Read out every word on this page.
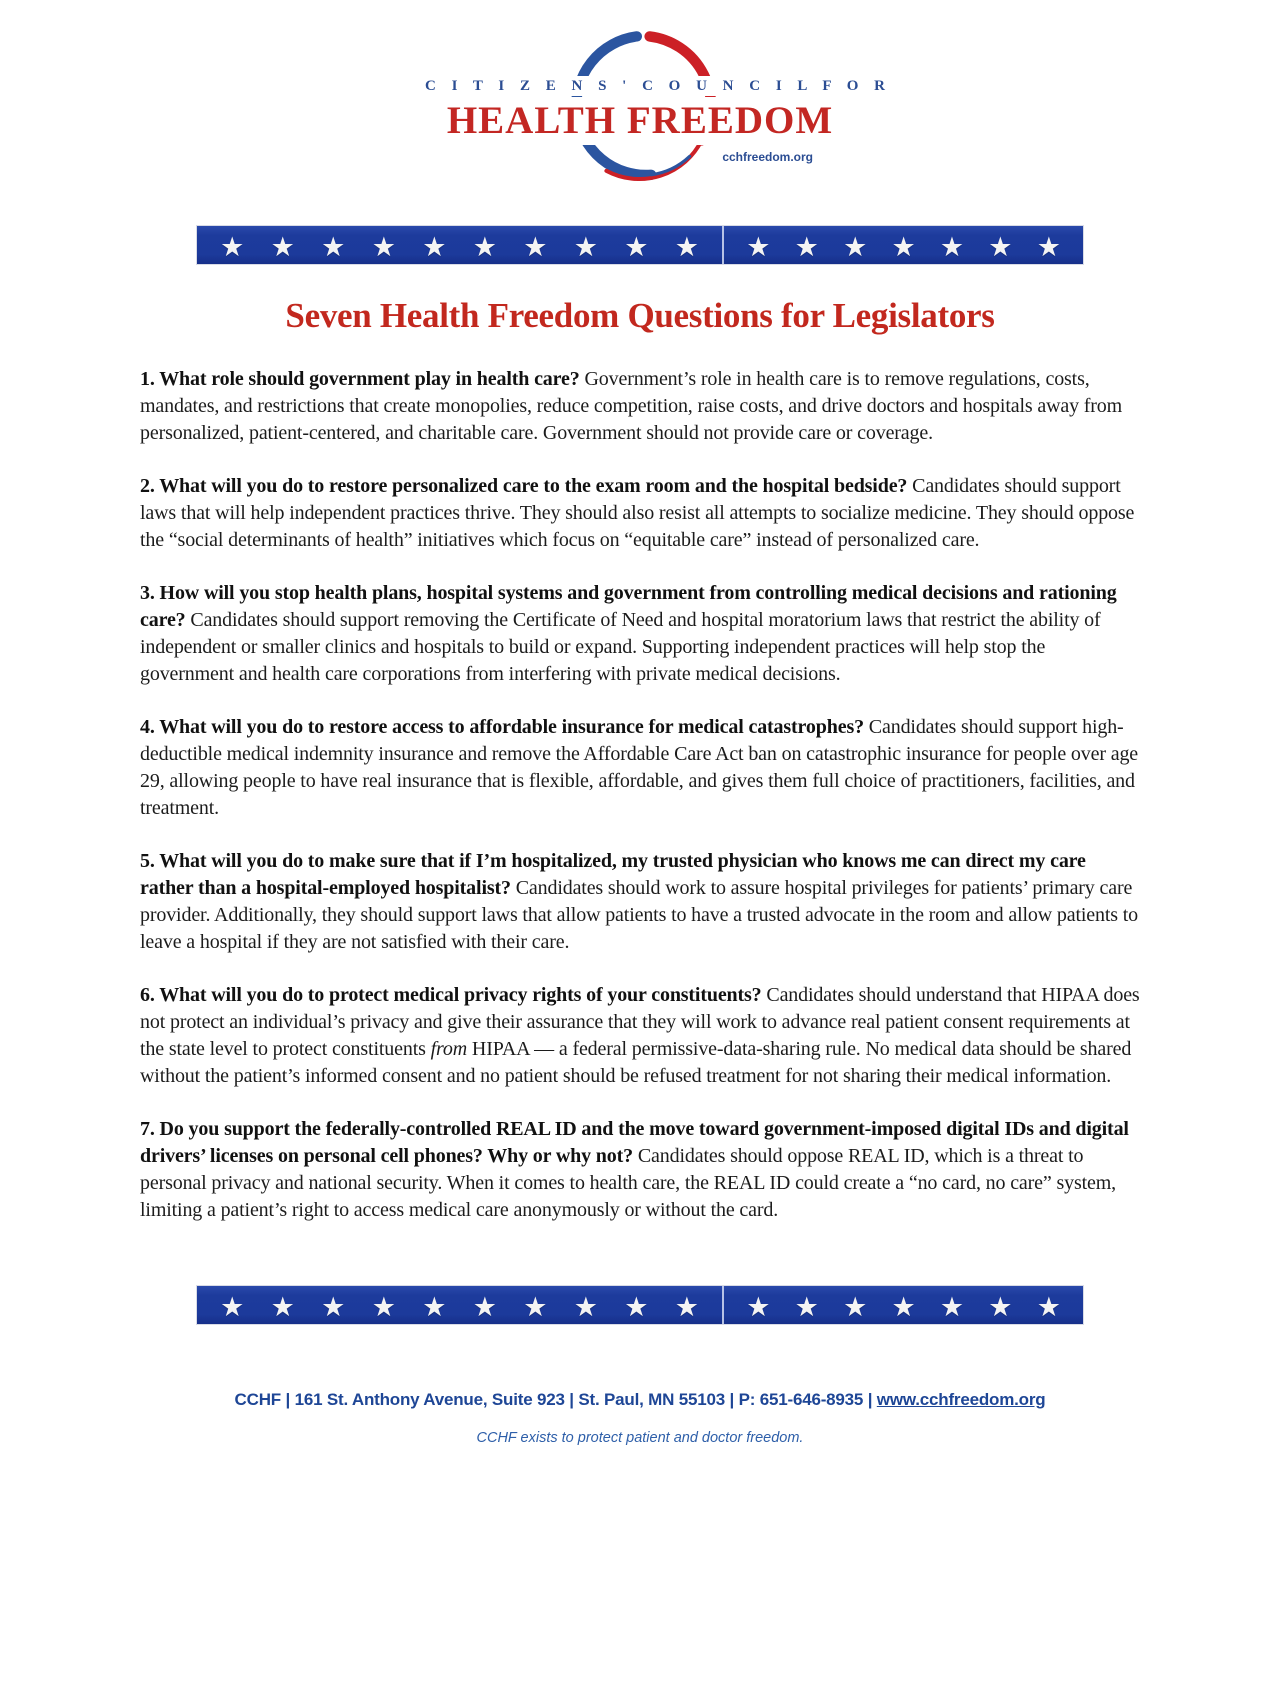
C I T I Z E N S ' C O U N C I L F O R
HEALTH FREEDOM
cchfreedom.org
★ ★ ★ ★ ★ ★ ★ ★ ★ ★ ★ ★ ★ ★ ★ ★ ★
Seven Health Freedom Questions for Legislators

1. What role should government play in health care? Government’s role in health care is to remove regulations, costs, mandates, and restrictions that create monopolies, reduce competition, raise costs, and drive doctors and hospitals away from personalized, patient-centered, and charitable care. Government should not provide care or coverage.

2. What will you do to restore personalized care to the exam room and the hospital bedside? Candidates should support laws that will help independent practices thrive. They should also resist all attempts to socialize medicine. They should oppose the “social determinants of health” initiatives which focus on “equitable care” instead of personalized care.

3. How will you stop health plans, hospital systems and government from controlling medical decisions and rationing care? Candidates should support removing the Certificate of Need and hospital moratorium laws that restrict the ability of independent or smaller clinics and hospitals to build or expand. Supporting independent practices will help stop the government and health care corporations from interfering with private medical decisions.

4. What will you do to restore access to affordable insurance for medical catastrophes? Candidates should support high- deductible medical indemnity insurance and remove the Affordable Care Act ban on catastrophic insurance for people over age 29, allowing people to have real insurance that is flexible, affordable, and gives them full choice of practitioners, facilities, and treatment.

5. What will you do to make sure that if I’m hospitalized, my trusted physician who knows me can direct my care rather than a hospital-employed hospitalist? Candidates should work to assure hospital privileges for patients’ primary care provider. Additionally, they should support laws that allow patients to have a trusted advocate in the room and allow patients to leave a hospital if they are not satisfied with their care.

6. What will you do to protect medical privacy rights of your constituents? Candidates should understand that HIPAA does not protect an individual’s privacy and give their assurance that they will work to advance real patient consent requirements at the state level to protect constituents from HIPAA — a federal permissive-data-sharing rule. No medical data should be shared without the patient’s informed consent and no patient should be refused treatment for not sharing their medical information.

7. Do you support the federally-controlled REAL ID and the move toward government-imposed digital IDs and digital drivers’ licenses on personal cell phones? Why or why not? Candidates should oppose REAL ID, which is a threat to personal privacy and national security. When it comes to health care, the REAL ID could create a “no card, no care” system, limiting a patient’s right to access medical care anonymously or without the card.

★ ★ ★ ★ ★ ★ ★ ★ ★ ★ ★ ★ ★ ★ ★ ★ ★
CCHF | 161 St. Anthony Avenue, Suite 923 | St. Paul, MN 55103 | P: 651-646-8935 | www.cchfreedom.org
CCHF exists to protect patient and doctor freedom.
